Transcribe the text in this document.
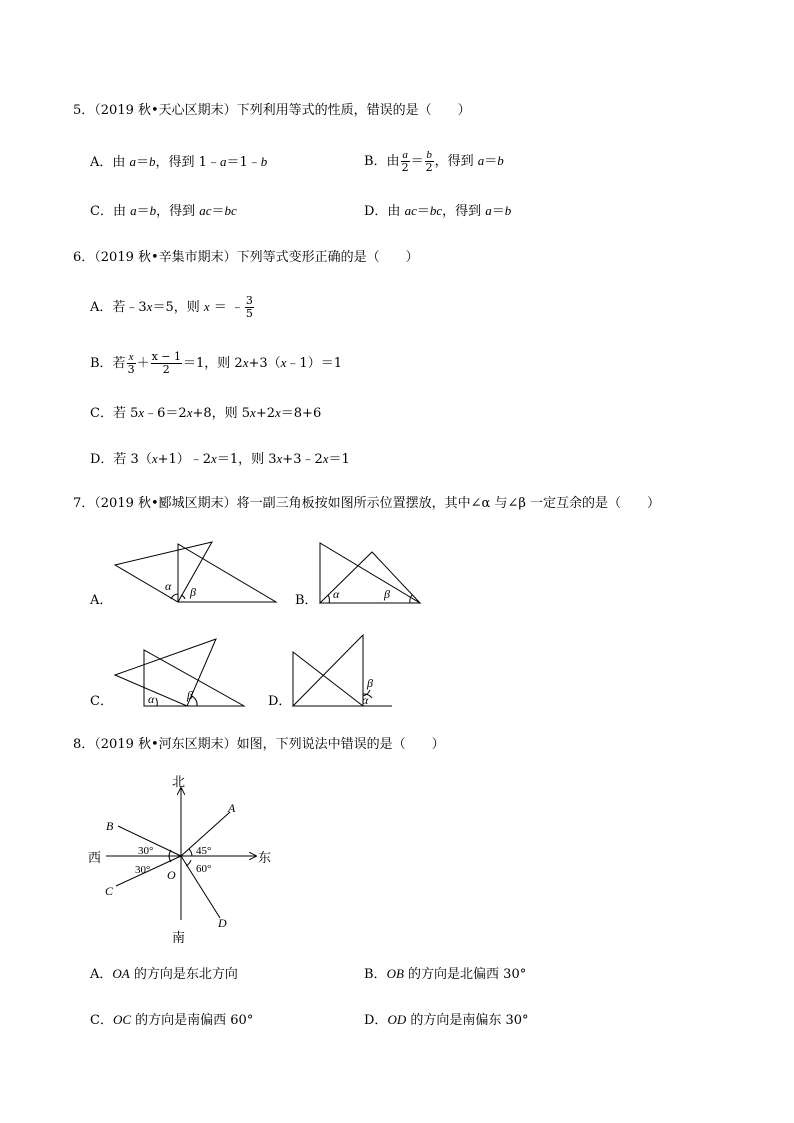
5．（2019 秋•天心区期末）下列利用等式的性质，错误的是（　　）
A．由 a＝b，得到 1﹣a＝1﹣b	B．由 $\frac{a}{2} = \frac{b}{2}$ ，得到 a＝b
C．由 a＝b，得到 ac＝bc	D．由 ac＝bc，得到 a＝b
6．（2019 秋•辛集市期末）下列等式变形正确的是（　　）
A．若﹣3x＝5，则 x ＝ ﹣ $\frac{3}{5}$
B．若 $\frac{x}{3} + \frac{x - 1}{2} =1$，则 2x+3（x﹣1）＝1
C．若 5x﹣6＝2x+8，则 5x+2x＝8+6
D．若 3（x+1）﹣2x＝1，则 3x+3﹣2x＝1
7．（2019 秋•郾城区期末）将一副三角板按如图所示位置摆放，其中∠α 与∠β 一定互余的是（　　）
A．
α β
B． α	β
C．	α	β	D．
β
α
8．（2019 秋•河东区期末）如图，下列说法中错误的是（　　）
北
南
东
西
A
B
C
D
O
30°
30°
45°
60°
A．OA 的方向是东北方向	B．OB 的方向是北偏西 30°
C．OC 的方向是南偏西 60°	D．OD 的方向是南偏东 30°
